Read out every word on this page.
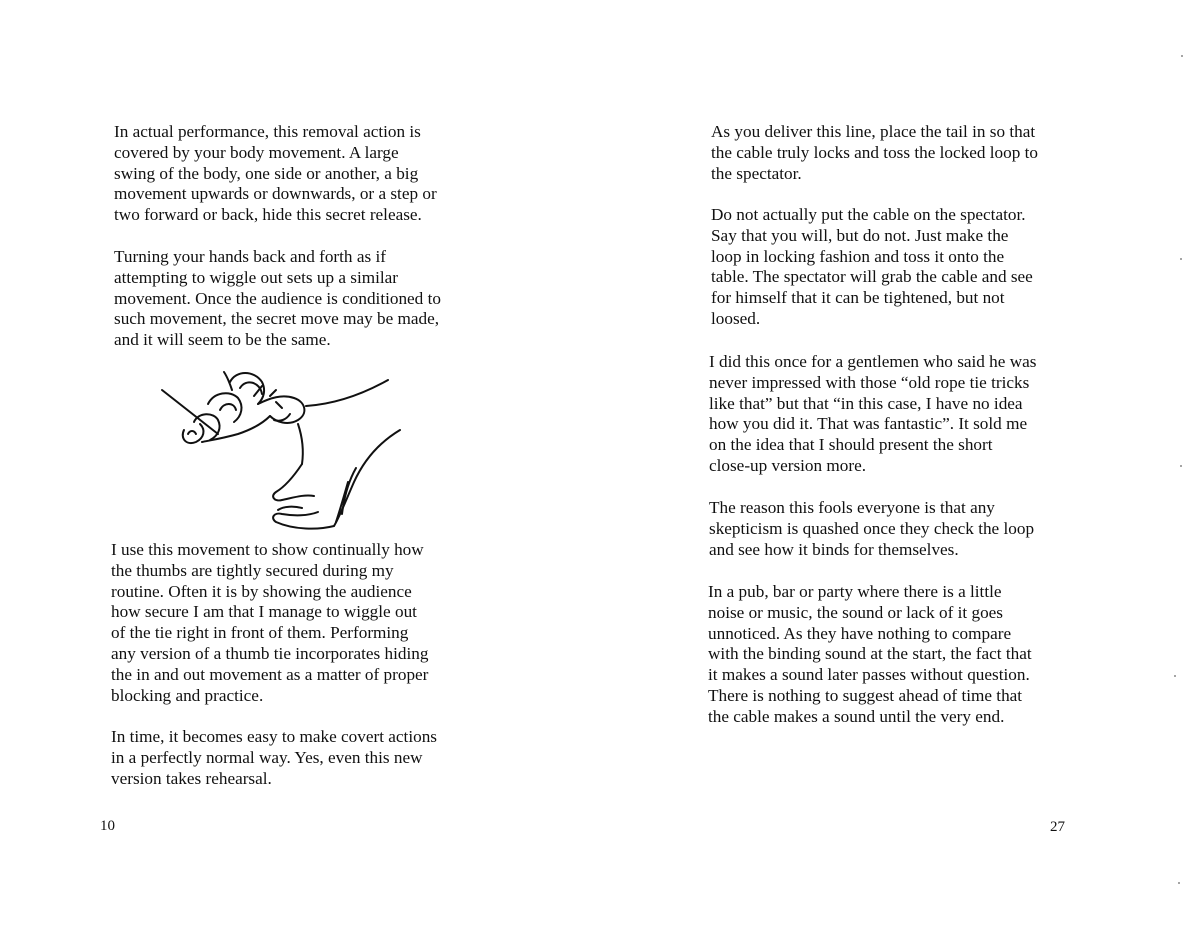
In actual performance, this removal action is
covered by your body movement. A large
swing of the body, one side or another, a big
movement upwards or downwards, or a step or
two forward or back, hide this secret release.

Turning your hands back and forth as if
attempting to wiggle out sets up a similar
movement. Once the audience is conditioned to
such movement, the secret move may be made,
and it will seem to be the same.

I use this movement to show continually how
the thumbs are tightly secured during my
routine. Often it is by showing the audience
how secure I am that I manage to wiggle out
of the tie right in front of them. Performing
any version of a thumb tie incorporates hiding
the in and out movement as a matter of proper
blocking and practice.

In time, it becomes easy to make covert actions
in a perfectly normal way. Yes, even this new
version takes rehearsal.

10

As you deliver this line, place the tail in so that
the cable truly locks and toss the locked loop to
the spectator.

Do not actually put the cable on the spectator.
Say that you will, but do not. Just make the
loop in locking fashion and toss it onto the
table. The spectator will grab the cable and see
for himself that it can be tightened, but not
loosed.

I did this once for a gentlemen who said he was
never impressed with those “old rope tie tricks
like that” but that “in this case, I have no idea
how you did it. That was fantastic”. It sold me
on the idea that I should present the short
close-up version more.

The reason this fools everyone is that any
skepticism is quashed once they check the loop
and see how it binds for themselves.

In a pub, bar or party where there is a little
noise or music, the sound or lack of it goes
unnoticed. As they have nothing to compare
with the binding sound at the start, the fact that
it makes a sound later passes without question.
There is nothing to suggest ahead of time that
the cable makes a sound until the very end.

27
